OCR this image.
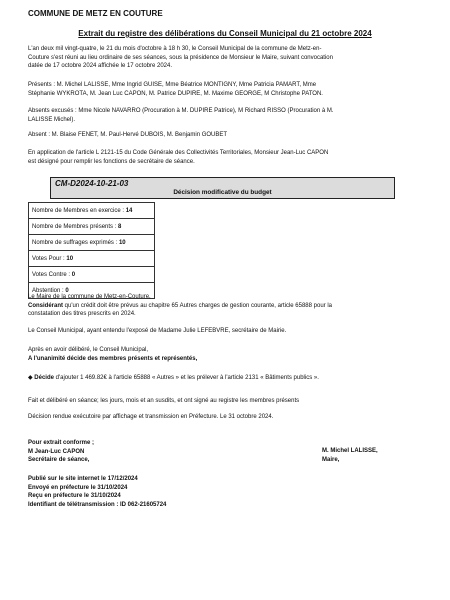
COMMUNE DE METZ EN COUTURE
Extrait du registre des délibérations du Conseil Municipal du 21 octobre 2024
L'an deux mil vingt-quatre, le 21 du mois d'octobre à 18 h 30, le Conseil Municipal de la commune de Metz-en-
Couture s'est réuni au lieu ordinaire de ses séances, sous la présidence de Monsieur le Maire, suivant convocation
datée de 17 octobre 2024 affichée le 17 octobre 2024.
Présents : M. Michel LALISSE, Mme Ingrid GUISE, Mme Béatrice MONTIGNY, Mme Patricia PAMART, Mme
Stéphanie WYKROTA, M. Jean Luc CAPON, M. Patrice DUPIRE, M. Maxime GEORGE, M Christophe PATON.
Absents excusés : Mme Nicole NAVARRO (Procuration à M. DUPIRE Patrice), M Richard RISSO (Procuration à M.
LALISSE Michel).
Absent : M. Blaise FENET, M. Paul-Hervé DUBOIS, M. Benjamin GOUBET
En application de l'article L 2121-15 du Code Générale des Collectivités Territoriales, Monsieur Jean-Luc CAPON
est désigné pour remplir les fonctions de secrétaire de séance.
CM-D2024-10-21-03
Décision modificative du budget
Nombre de Membres en exercice : 14
Nombre de Membres présents : 8
Nombre de suffrages exprimés : 10
Votes Pour : 10
Votes Contre : 0
Abstention : 0
Le Maire de la commune de Metz-en-Couture,
Considérant qu'un crédit doit être prévus au chapitre 65 Autres charges de gestion courante, article 65888 pour la
constatation des titres prescrits en 2024.
Le Conseil Municipal, ayant entendu l'exposé de Madame Julie LEFEBVRE, secrétaire de Mairie.
Après en avoir délibéré, le Conseil Municipal,
A l'unanimité décide des membres présents et représentés,
◆ Décide d'ajouter 1 469.82€ à l'article 65888 « Autres » et les prélever à l'article 2131 « Bâtiments publics ».
Fait et délibéré en séance; les jours, mois et an susdits, et ont signé au registre les membres présents
Décision rendue exécutoire par affichage et transmission en Préfecture. Le 31 octobre 2024.
Pour extrait conforme ;
M Jean-Luc CAPON
Secrétaire de séance,
M. Michel LALISSE,
Maire,
Publié sur le site internet le 17/12/2024
Envoyé en préfecture le 31/10/2024
Reçu en préfecture le 31/10/2024
Identifiant de télétransmission : ID 062-21605724
